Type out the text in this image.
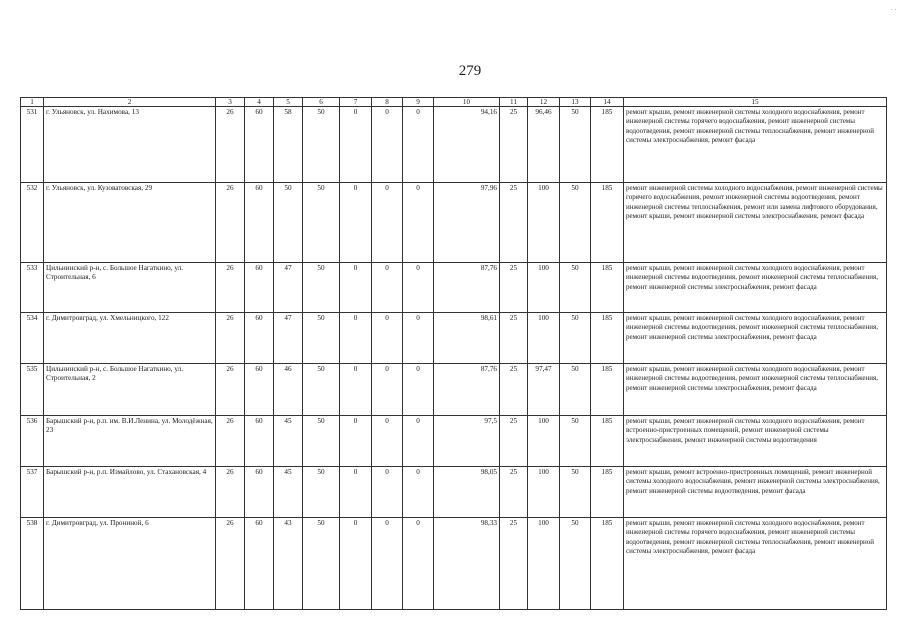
· ·
279
1	2	3	4	5	6	7	8	9	10	11	12	13	14	15
531	г. Ульяновск, ул. Нахимова, 13	26	60	58	50	0	0	0	94,16	25	96,46	50	185	ремонт крыши, ремонт инженерной системы холодного водоснабжения, ремонт инженерной системы горячего водоснабжения, ремонт инженерной системы водоотведения, ремонт инженерной системы теплоснабжения, ремонт инженерной системы электроснабжения, ремонт фасада
532	г. Ульяновск, ул. Кузоватовская, 29	26	60	50	50	0	0	0	97,96	25	100	50	185	ремонт инженерной системы холодного водоснабжения, ремонт инженерной системы горячего водоснабжения, ремонт инженерной системы водоотведения, ремонт инженерной системы теплоснабжения, ремонт или замена лифтового оборудования, ремонт крыши, ремонт инженерной системы электроснабжения, ремонт фасада
533	Цильнинский р-н, с. Большое Нагаткино, ул. Строительная, 6	26	60	47	50	0	0	0	87,76	25	100	50	185	ремонт крыши, ремонт инженерной системы холодного водоснабжения, ремонт инженерной системы водоотведения, ремонт инженерной системы теплоснабжения, ремонт инженерной системы электроснабжения, ремонт фасада
534	г. Димитровград, ул. Хмельницкого, 122	26	60	47	50	0	0	0	98,61	25	100	50	185	ремонт крыши, ремонт инженерной системы холодного водоснабжения, ремонт инженерной системы водоотведения, ремонт инженерной системы теплоснабжения, ремонт инженерной системы электроснабжения, ремонт фасада
535	Цильнинский р-н, с. Большое Нагаткино, ул. Строительная, 2	26	60	46	50	0	0	0	87,76	25	97,47	50	185	ремонт крыши, ремонт инженерной системы холодного водоснабжения, ремонт инженерной системы водоотведения, ремонт инженерной системы теплоснабжения, ремонт инженерной системы электроснабжения, ремонт фасада
536	Барышский р-н, р.п. им. В.И.Ленина, ул. Молодёжная, 23	26	60	45	50	0	0	0	97,5	25	100	50	185	ремонт крыши, ремонт инженерной системы холодного водоснабжения, ремонт встроенно-пристроенных помещений, ремонт инженерной системы электроснабжения, ремонт инженерной системы водоотведения
537	Барышский р-н, р.п. Измайлово, ул. Стахановская, 4	26	60	45	50	0	0	0	98,05	25	100	50	185	ремонт крыши, ремонт встроенно-пристроенных помещений, ремонт инженерной системы холодного водоснабжения, ремонт инженерной системы электроснабжения, ремонт инженерной системы водоотведения, ремонт фасада
538	г. Димитровград, ул. Прониной, 6	26	60	43	50	0	0	0	98,33	25	100	50	185	ремонт крыши, ремонт инженерной системы холодного водоснабжения, ремонт инженерной системы горячего водоснабжения, ремонт инженерной системы водоотведения, ремонт инженерной системы теплоснабжения, ремонт инженерной системы электроснабжения, ремонт фасада
